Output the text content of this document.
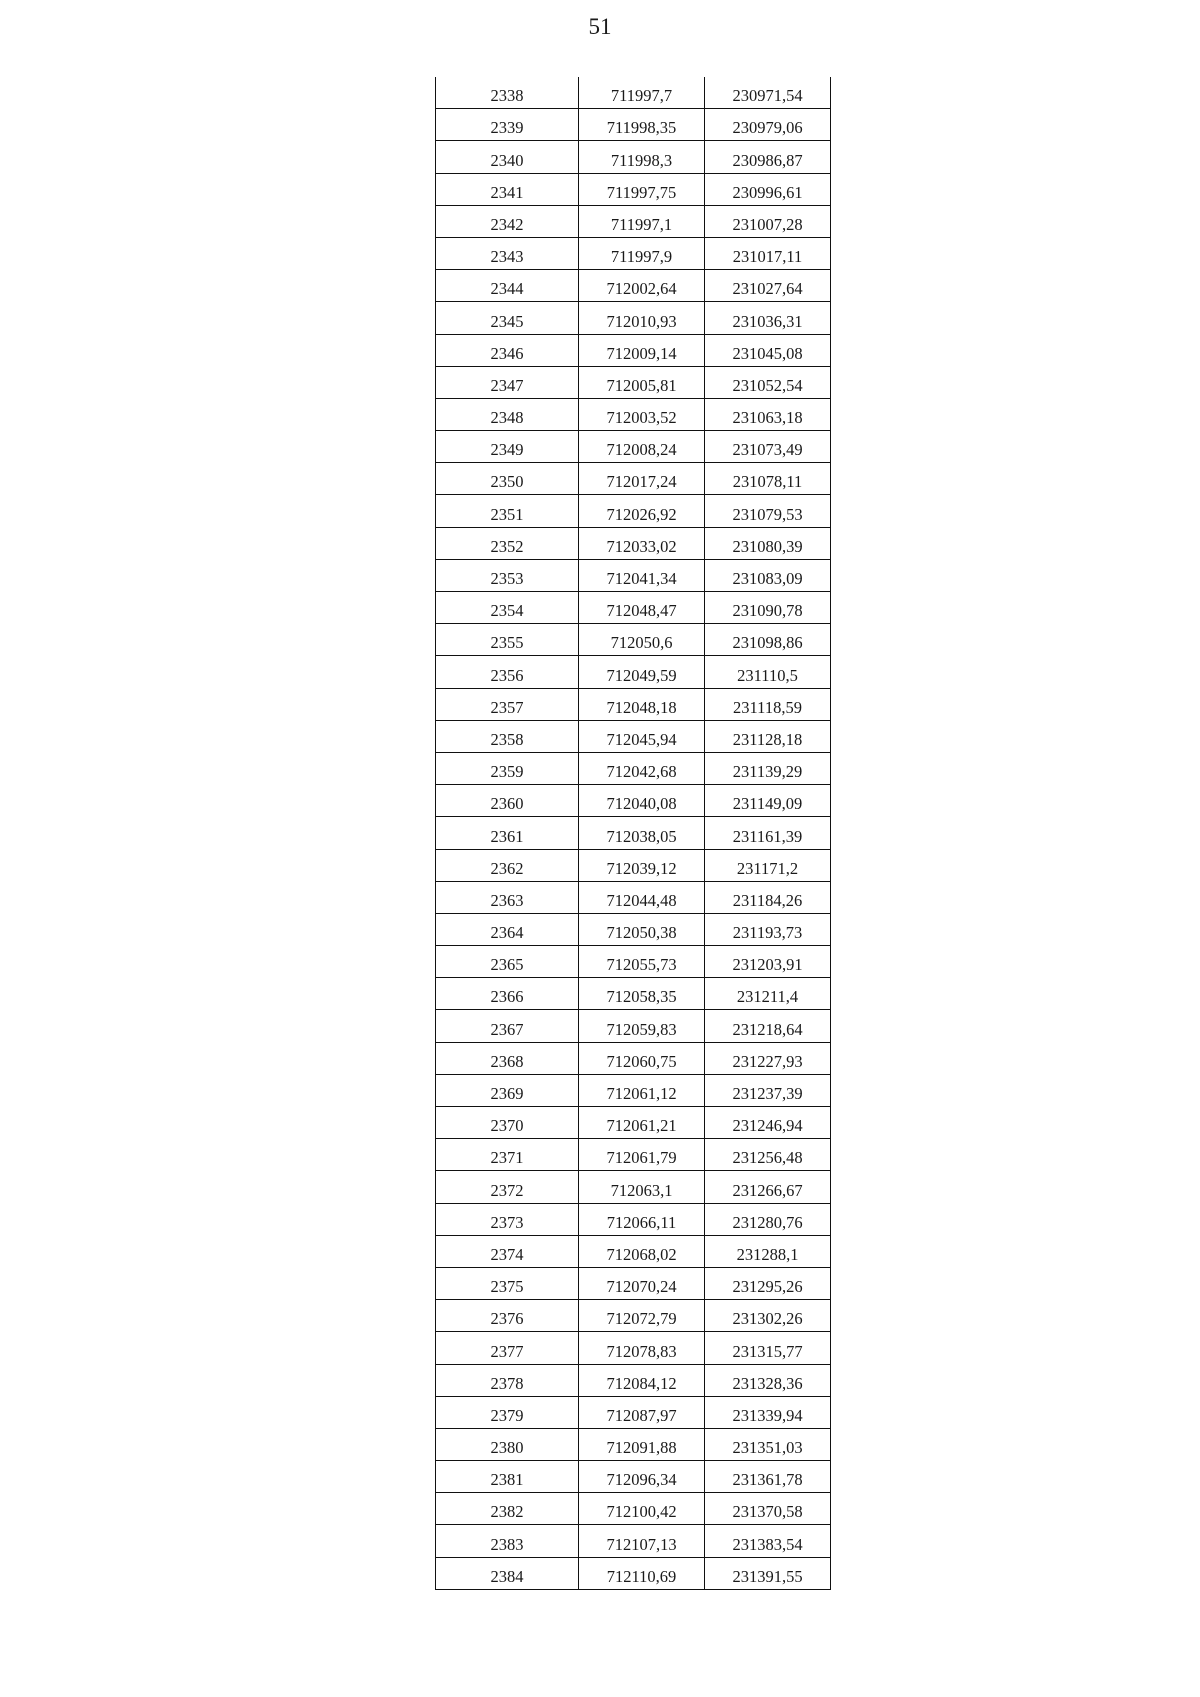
51
2338	711997,7	230971,54
2339	711998,35	230979,06
2340	711998,3	230986,87
2341	711997,75	230996,61
2342	711997,1	231007,28
2343	711997,9	231017,11
2344	712002,64	231027,64
2345	712010,93	231036,31
2346	712009,14	231045,08
2347	712005,81	231052,54
2348	712003,52	231063,18
2349	712008,24	231073,49
2350	712017,24	231078,11
2351	712026,92	231079,53
2352	712033,02	231080,39
2353	712041,34	231083,09
2354	712048,47	231090,78
2355	712050,6	231098,86
2356	712049,59	231110,5
2357	712048,18	231118,59
2358	712045,94	231128,18
2359	712042,68	231139,29
2360	712040,08	231149,09
2361	712038,05	231161,39
2362	712039,12	231171,2
2363	712044,48	231184,26
2364	712050,38	231193,73
2365	712055,73	231203,91
2366	712058,35	231211,4
2367	712059,83	231218,64
2368	712060,75	231227,93
2369	712061,12	231237,39
2370	712061,21	231246,94
2371	712061,79	231256,48
2372	712063,1	231266,67
2373	712066,11	231280,76
2374	712068,02	231288,1
2375	712070,24	231295,26
2376	712072,79	231302,26
2377	712078,83	231315,77
2378	712084,12	231328,36
2379	712087,97	231339,94
2380	712091,88	231351,03
2381	712096,34	231361,78
2382	712100,42	231370,58
2383	712107,13	231383,54
2384	712110,69	231391,55
